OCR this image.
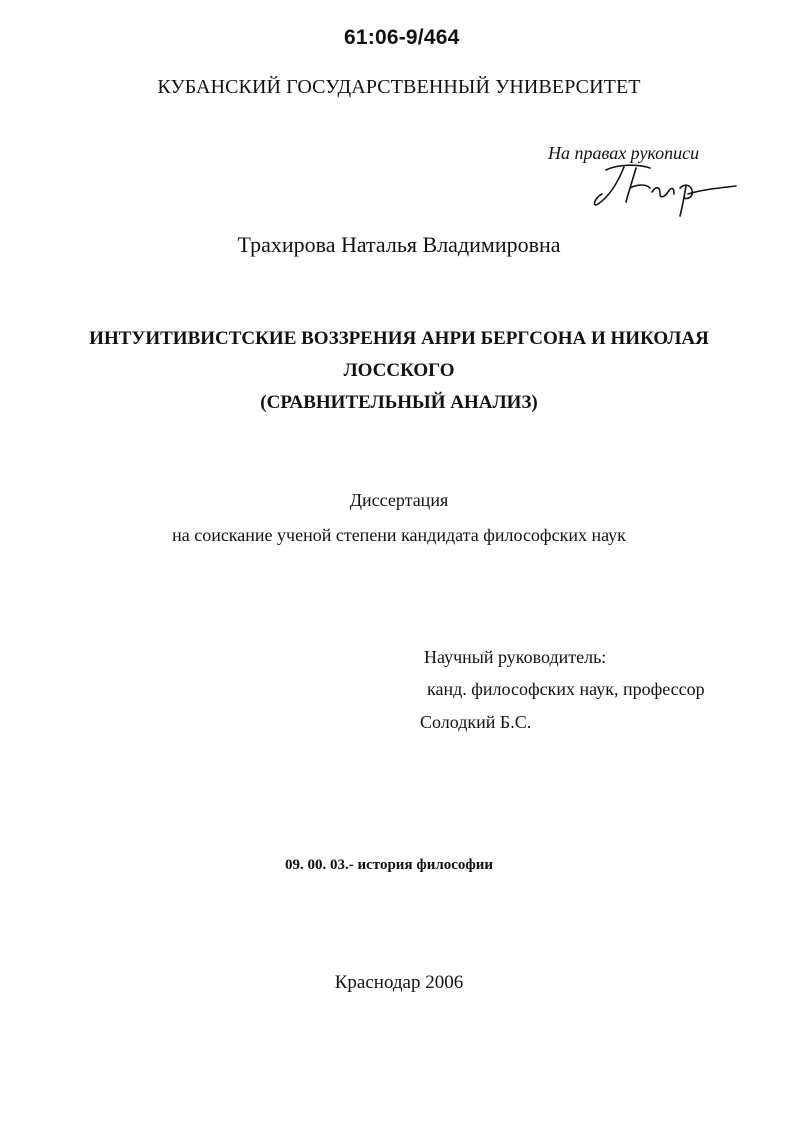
61:06-9/464
КУБАНСКИЙ ГОСУДАРСТВЕННЫЙ УНИВЕРСИТЕТ
На правах рукописи
Трахирова Наталья Владимировна
ИНТУИТИВИСТСКИЕ ВОЗЗРЕНИЯ АНРИ БЕРГСОНА И НИКОЛАЯ
ЛОССКОГО
(СРАВНИТЕЛЬНЫЙ АНАЛИЗ)
Диссертация
на соискание ученой степени кандидата философских наук
Научный руководитель:
канд. философских наук, профессор
Солодкий Б.С.
09. 00. 03.- история философии
Краснодар 2006
